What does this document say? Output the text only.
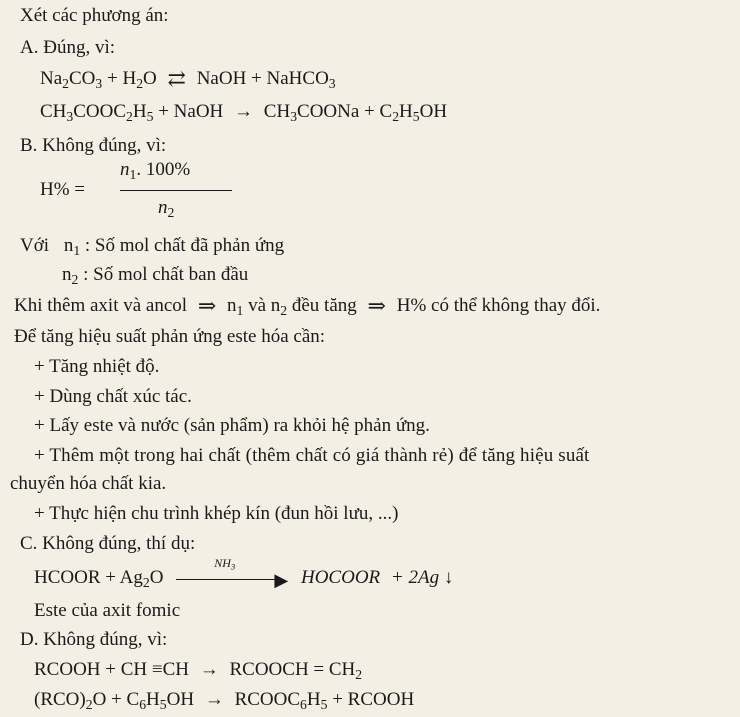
Xét các phương án:
A. Đúng, vì:
$Na_2CO_3 + H_2O$ ⇄ NaOH + NaHCO$_3$
$CH_3COOC_2H_5$ + NaOH → $CH_3COONa + C_2H_5OH$
B. Không đúng, vì:
H% =
$n_1$. 100%
$n_2$
Với $n_1$ : Số mol chất đã phản ứng
$n_2$ : Số mol chất ban đầu
Khi thêm axit và ancol ⇒ $n_1$ và $n_2$ đều tăng ⇒ H% có thể không thay đổi.
Để tăng hiệu suất phản ứng este hóa cần:
+ Tăng nhiệt độ.
+ Dùng chất xúc tác.
+ Lấy este và nước (sản phẩm) ra khỏi hệ phản ứng.
+ Thêm một trong hai chất (thêm chất có giá thành rẻ) để tăng hiệu suất
chuyển hóa chất kia.
+ Thực hiện chu trình khép kín (đun hồi lưu, ...)
C. Không đúng, thí dụ:
HCOOR + $Ag_2O$
$NH_3$
▶ HOCOOR + 2Ag ↓
Este của axit fomic
D. Không đúng, vì:
RCOOH + CH ≡CH → RCOOCH = $CH_2$
$(RCO)_2O + C_6H_5OH$ → $RCOOC_6H_5$ + RCOOH
